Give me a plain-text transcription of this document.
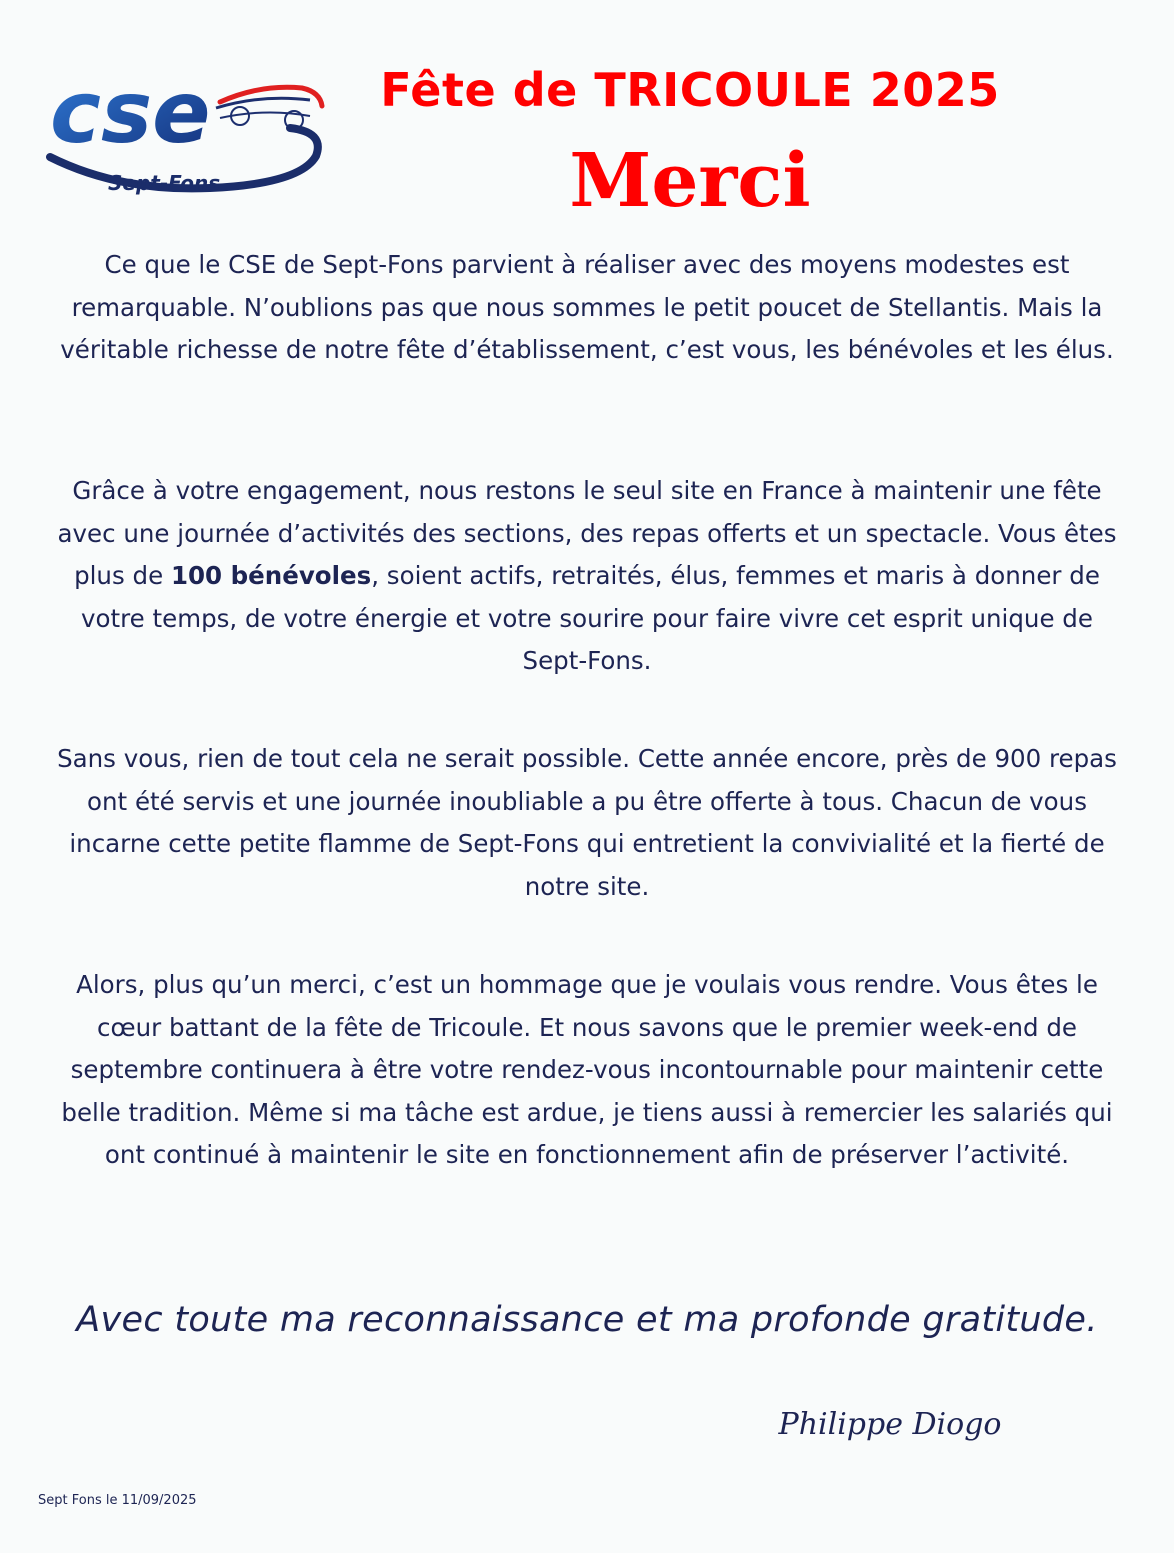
cse
Sept-Fons
Fête de TRICOULE 2025
Merci

Ce que le CSE de Sept-Fons parvient à réaliser avec des moyens modestes est remarquable. N’oublions pas que nous sommes le petit poucet de Stellantis. Mais la véritable richesse de notre fête d’établissement, c’est vous, les bénévoles et les élus.

Grâce à votre engagement, nous restons le seul site en France à maintenir une fête avec une journée d’activités des sections, des repas offerts et un spectacle. Vous êtes plus de 100 bénévoles, soient actifs, retraités, élus, femmes et maris à donner de votre temps, de votre énergie et votre sourire pour faire vivre cet esprit unique de Sept-Fons.

Sans vous, rien de tout cela ne serait possible. Cette année encore, près de 900 repas ont été servis et une journée inoubliable a pu être offerte à tous. Chacun de vous incarne cette petite flamme de Sept-Fons qui entretient la convivialité et la fierté de notre site.

Alors, plus qu’un merci, c’est un hommage que je voulais vous rendre. Vous êtes le cœur battant de la fête de Tricoule. Et nous savons que le premier week-end de septembre continuera à être votre rendez-vous incontournable pour maintenir cette belle tradition. Même si ma tâche est ardue, je tiens aussi à remercier les salariés qui ont continué à maintenir le site en fonctionnement afin de préserver l’activité.

Avec toute ma reconnaissance et ma profonde gratitude.
Philippe Diogo
Sept Fons le 11/09/2025
